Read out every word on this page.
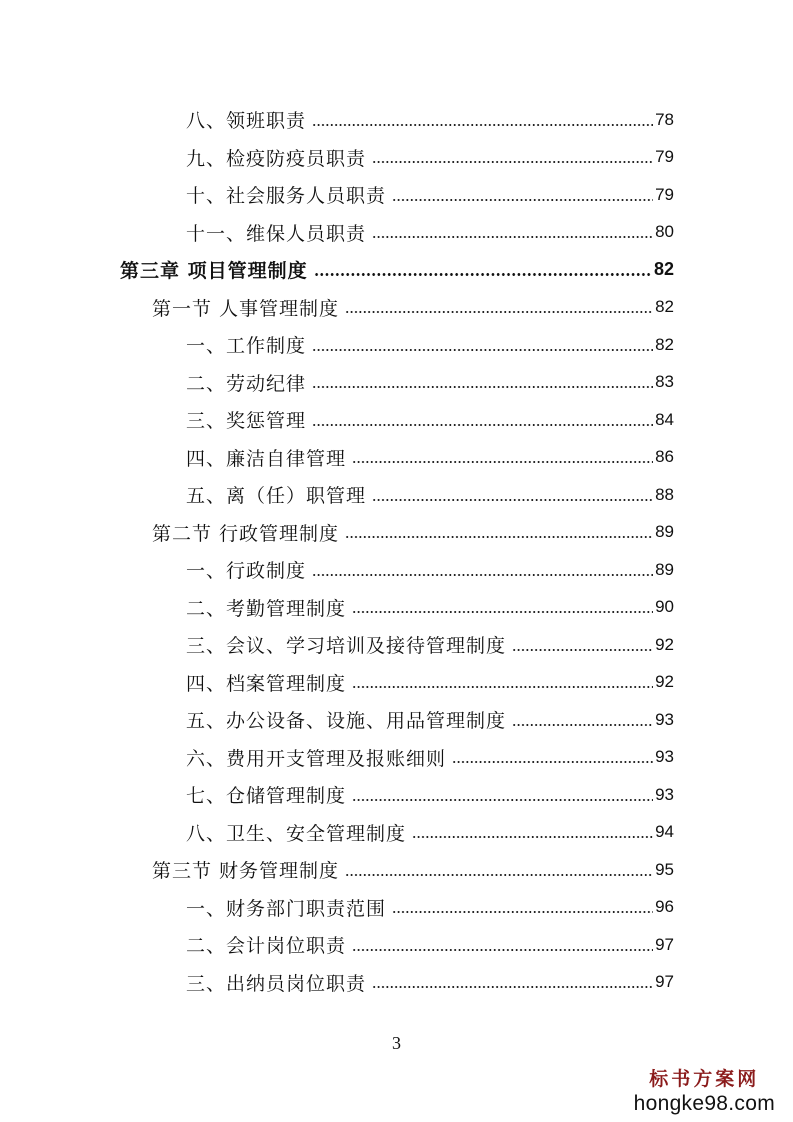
八、领班职责	78
九、检疫防疫员职责	79
十、社会服务人员职责	79
十一、维保人员职责	80
第三章 项目管理制度	82
第一节 人事管理制度	82
一、工作制度	82
二、劳动纪律	83
三、奖惩管理	84
四、廉洁自律管理	86
五、离（任）职管理	88
第二节 行政管理制度	89
一、行政制度	89
二、考勤管理制度	90
三、会议、学习培训及接待管理制度	92
四、档案管理制度	92
五、办公设备、设施、用品管理制度	93
六、费用开支管理及报账细则	93
七、仓储管理制度	93
八、卫生、安全管理制度	94
第三节 财务管理制度	95
一、财务部门职责范围	96
二、会计岗位职责	97
三、出纳员岗位职责	97
3
标书方案网
hongke98.com
